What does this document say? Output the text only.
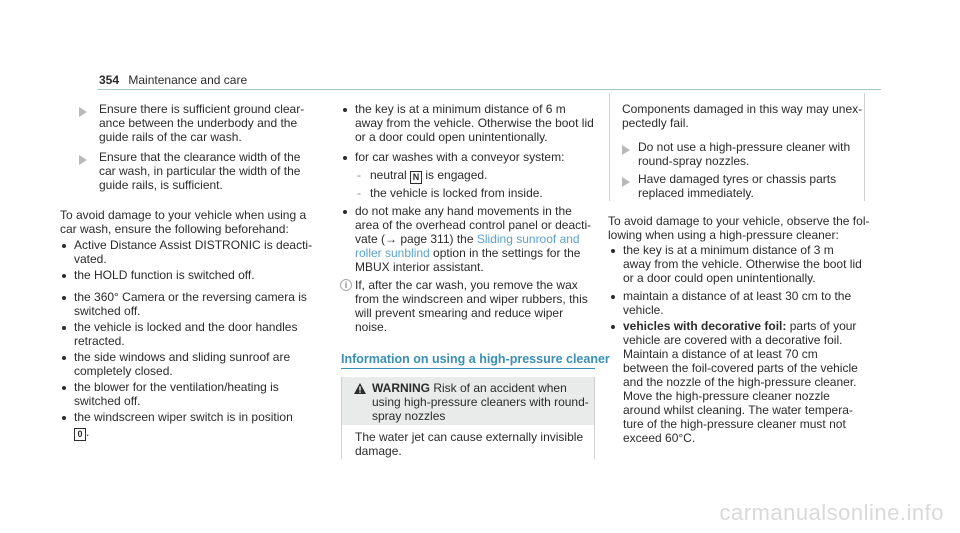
354 Maintenance and care
Ensure there is sufficient ground clear-
ance between the underbody and the
guide rails of the car wash.
Ensure that the clearance width of the
car wash, in particular the width of the
guide rails, is sufficient.
To avoid damage to your vehicle when using a
car wash, ensure the following beforehand:
Active Distance Assist DISTRONIC is deacti-
vated.
the HOLD function is switched off.
the 360° Camera or the reversing camera is
switched off.
the vehicle is locked and the door handles
retracted.
the side windows and sliding sunroof are
completely closed.
the blower for the ventilation/heating is
switched off.
the windscreen wiper switch is in position
0 .
the key is at a minimum distance of 6 m
away from the vehicle. Otherwise the boot lid
or a door could open unintentionally.
for car washes with a conveyor system:
- neutral N is engaged.
- the vehicle is locked from inside.
do not make any hand movements in the
area of the overhead control panel or deacti-
vate (→ page 311) the Sliding sunroof and
roller sunblind option in the settings for the
MBUX interior assistant.
i If, after the car wash, you remove the wax
from the windscreen and wiper rubbers, this
will prevent smearing and reduce wiper
noise.
Information on using a high-pressure cleaner
WARNING Risk of an accident when
using high-pressure cleaners with round-
spray nozzles
The water jet can cause externally invisible
damage.
Components damaged in this way may unex-
pectedly fail.
Do not use a high-pressure cleaner with
round-spray nozzles.
Have damaged tyres or chassis parts
replaced immediately.
To avoid damage to your vehicle, observe the fol-
lowing when using a high-pressure cleaner:
the key is at a minimum distance of 3 m
away from the vehicle. Otherwise the boot lid
or a door could open unintentionally.
maintain a distance of at least 30 cm to the
vehicle.
vehicles with decorative foil: parts of your
vehicle are covered with a decorative foil.
Maintain a distance of at least 70 cm
between the foil-covered parts of the vehicle
and the nozzle of the high-pressure cleaner.
Move the high-pressure cleaner nozzle
around whilst cleaning. The water tempera-
ture of the high-pressure cleaner must not
exceed 60°C.
carmanualsonline.info
